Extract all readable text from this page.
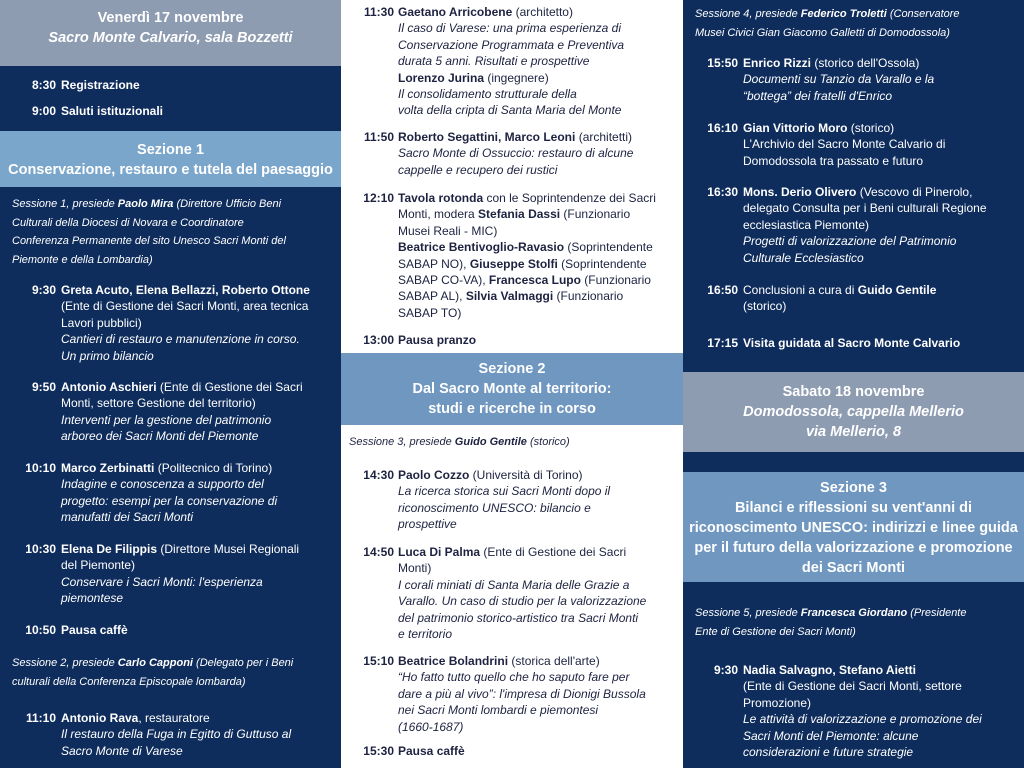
Venerdì 17 novembre
Sacro Monte Calvario, sala Bozzetti
8:30 Registrazione

9:00 Saluti istituzionali

Sezione 1
Conservazione, restauro e tutela del paesaggio
Sessione 1, presiede Paolo Mira (Direttore Ufficio Beni
Culturali della Diocesi di Novara e Coordinatore
Conferenza Permanente del sito Unesco Sacri Monti del
Piemonte e della Lombardia)
9:30 Greta Acuto, Elena Bellazzi, Roberto Ottone

(Ente di Gestione dei Sacri Monti, area tecnica

Lavori pubblici)

Cantieri di restauro e manutenzione in corso.

Un primo bilancio

9:50 Antonio Aschieri (Ente di Gestione dei Sacri

Monti, settore Gestione del territorio)

Interventi per la gestione del patrimonio

arboreo dei Sacri Monti del Piemonte

10:10 Marco Zerbinatti (Politecnico di Torino)

Indagine e conoscenza a supporto del

progetto: esempi per la conservazione di

manufatti dei Sacri Monti

10:30 Elena De Filippis (Direttore Musei Regionali

del Piemonte)

Conservare i Sacri Monti: l'esperienza

piemontese

10:50 Pausa caffè

Sessione 2, presiede Carlo Capponi (Delegato per i Beni
culturali della Conferenza Episcopale lombarda)
11:10 Antonio Rava, restauratore

Il restauro della Fuga in Egitto di Guttuso al

Sacro Monte di Varese

11:30 Gaetano Arricobene (architetto)

Il caso di Varese: una prima esperienza di

Conservazione Programmata e Preventiva

durata 5 anni. Risultati e prospettive

Lorenzo Jurina (ingegnere)

Il consolidamento strutturale della

volta della cripta di Santa Maria del Monte

11:50 Roberto Segattini, Marco Leoni (architetti)

Sacro Monte di Ossuccio: restauro di alcune

cappelle e recupero dei rustici

12:10 Tavola rotonda con le Soprintendenze dei Sacri

Monti, modera Stefania Dassi (Funzionario

Musei Reali - MIC)

Beatrice Bentivoglio-Ravasio (Soprintendente

SABAP NO), Giuseppe Stolfi (Soprintendente

SABAP CO-VA), Francesca Lupo (Funzionario

SABAP AL), Silvia Valmaggi (Funzionario

SABAP TO)

13:00 Pausa pranzo

Sezione 2
Dal Sacro Monte al territorio:
studi e ricerche in corso
Sessione 3, presiede Guido Gentile (storico)
14:30 Paolo Cozzo (Università di Torino)

La ricerca storica sui Sacri Monti dopo il

riconoscimento UNESCO: bilancio e

prospettive

14:50 Luca Di Palma (Ente di Gestione dei Sacri

Monti)

I corali miniati di Santa Maria delle Grazie a

Varallo. Un caso di studio per la valorizzazione

del patrimonio storico-artistico tra Sacri Monti

e territorio

15:10 Beatrice Bolandrini (storica dell'arte)

“Ho fatto tutto quello che ho saputo fare per

dare a più al vivo”: l'impresa di Dionigi Bussola

nei Sacri Monti lombardi e piemontesi

(1660-1687)

15:30 Pausa caffè

Sessione 4, presiede Federico Troletti (Conservatore
Musei Civici Gian Giacomo Galletti di Domodossola)
15:50 Enrico Rizzi (storico dell'Ossola)

Documenti su Tanzio da Varallo e la

“bottega” dei fratelli d'Enrico

16:10 Gian Vittorio Moro (storico)

L'Archivio del Sacro Monte Calvario di

Domodossola tra passato e futuro

16:30 Mons. Derio Olivero (Vescovo di Pinerolo,

delegato Consulta per i Beni culturali Regione

ecclesiastica Piemonte)

Progetti di valorizzazione del Patrimonio

Culturale Ecclesiastico

16:50 Conclusioni a cura di Guido Gentile

(storico)

17:15 Visita guidata al Sacro Monte Calvario

Sabato 18 novembre
Domodossola, cappella Mellerio
via Mellerio, 8
Sezione 3
Bilanci e riflessioni su vent'anni di
riconoscimento UNESCO: indirizzi e linee guida
per il futuro della valorizzazione e promozione
dei Sacri Monti
Sessione 5, presiede Francesca Giordano (Presidente
Ente di Gestione dei Sacri Monti)
9:30 Nadia Salvagno, Stefano Aietti

(Ente di Gestione dei Sacri Monti, settore

Promozione)

Le attività di valorizzazione e promozione dei

Sacri Monti del Piemonte: alcune

considerazioni e future strategie
